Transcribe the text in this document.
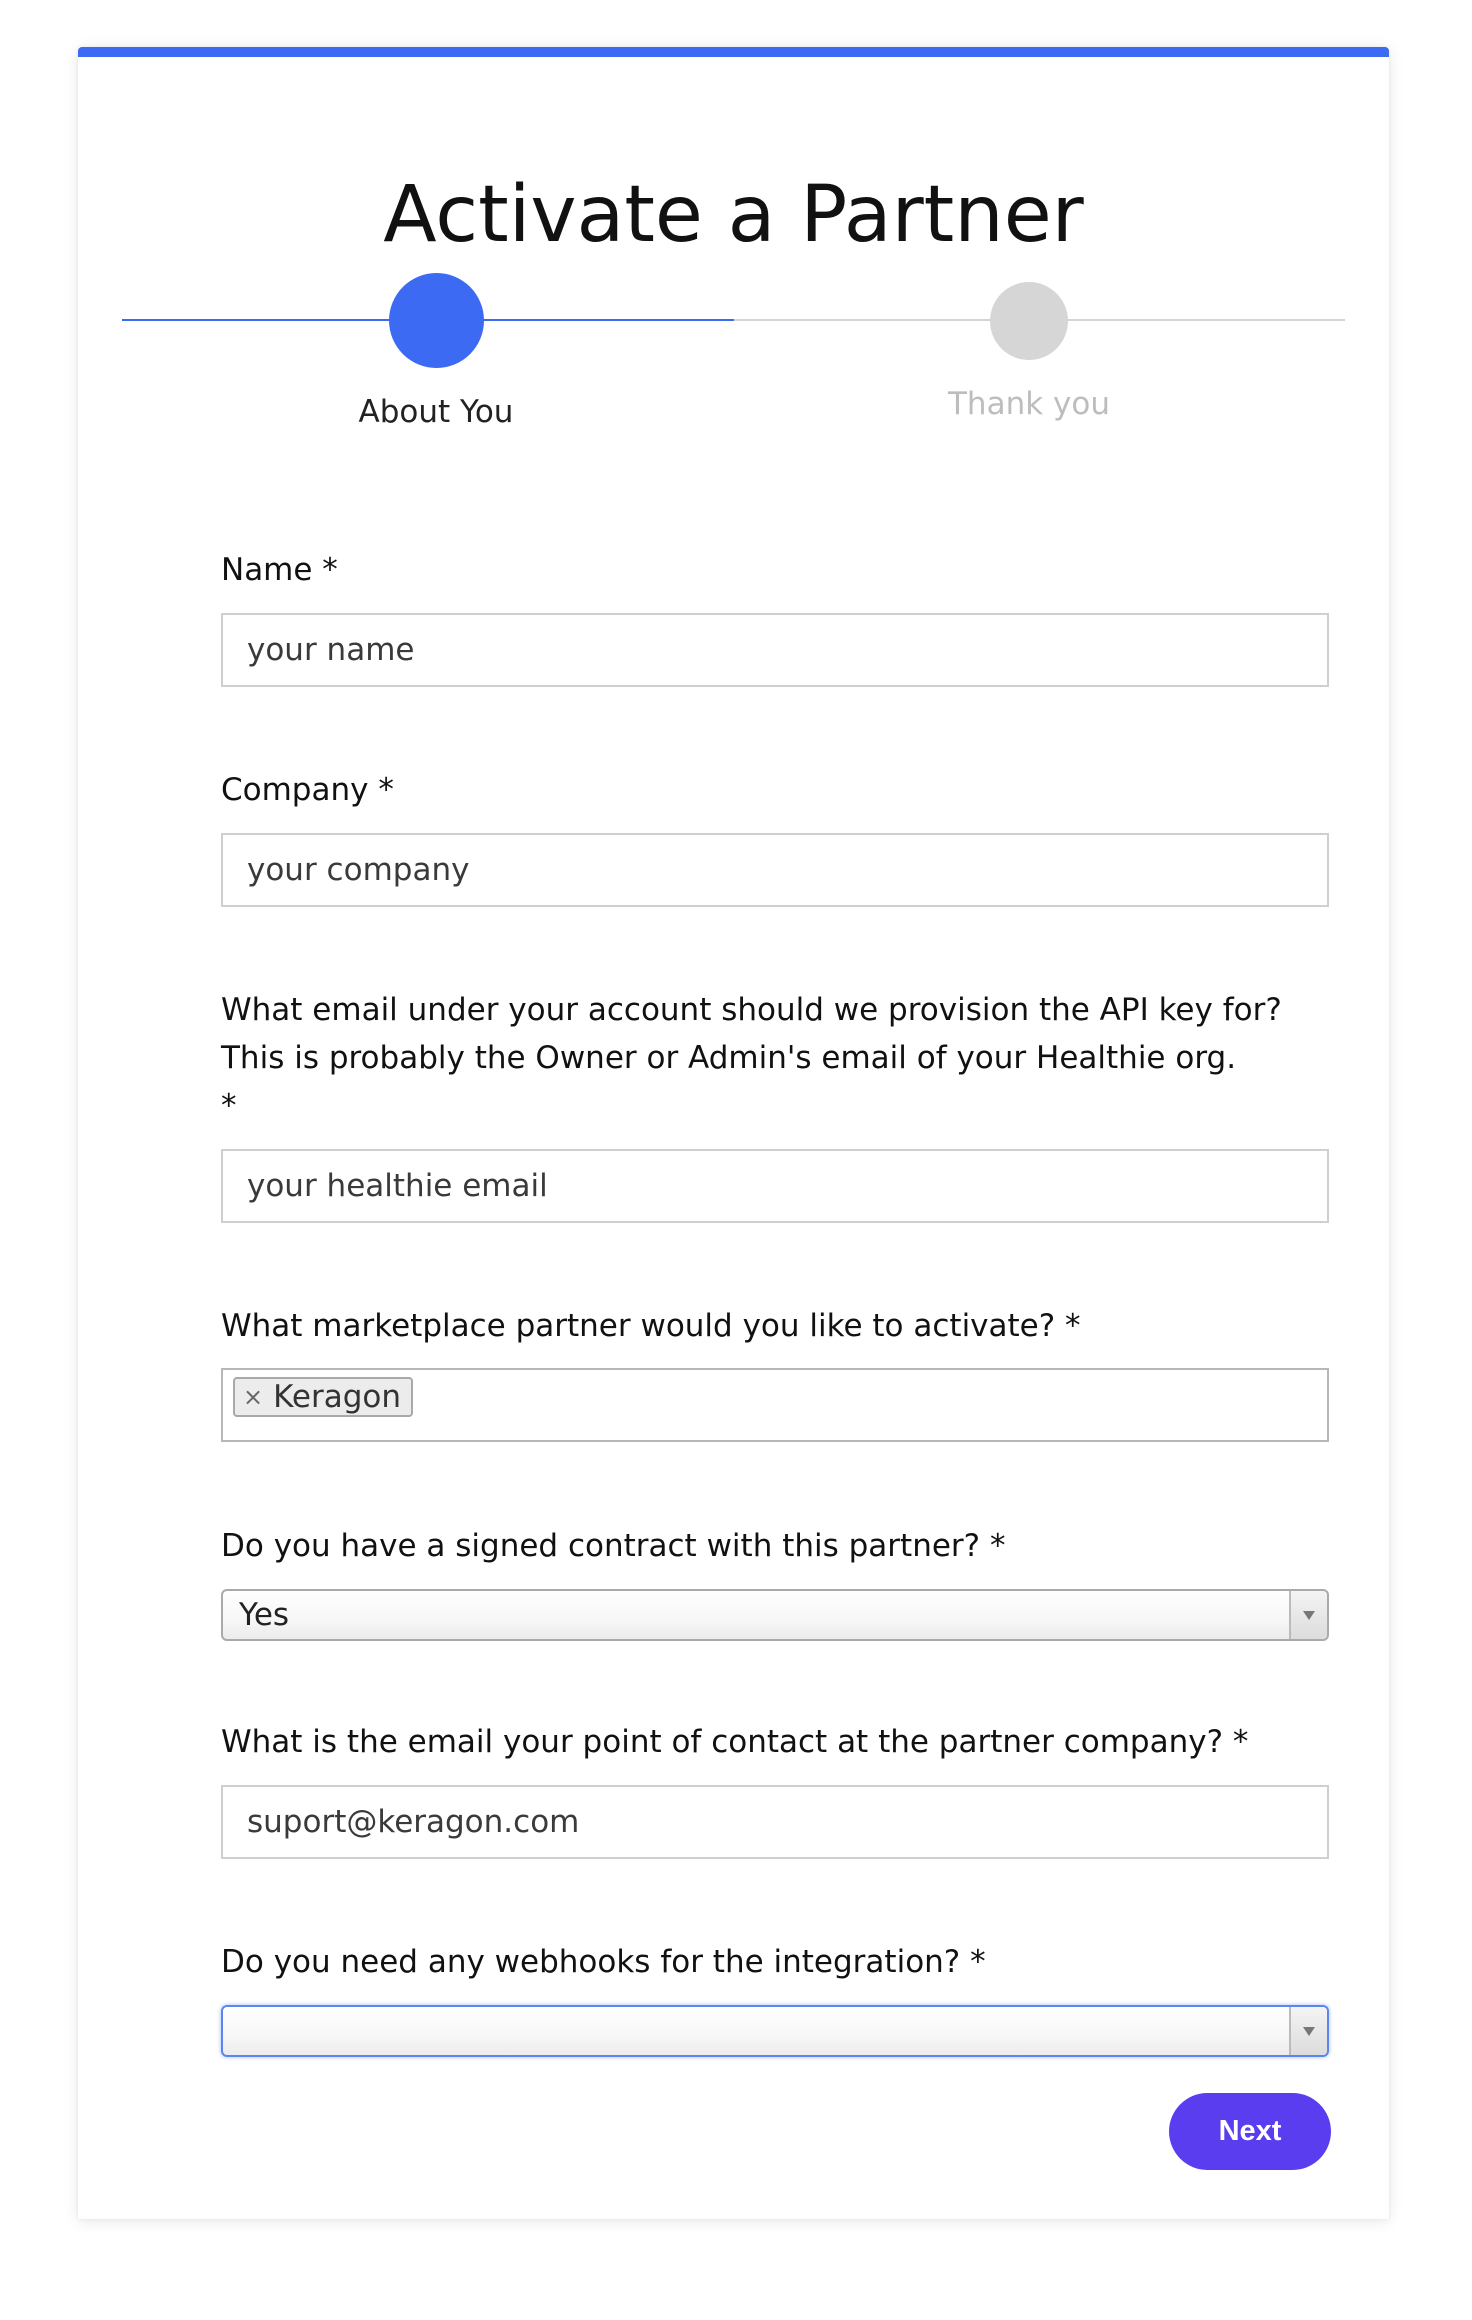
Activate a Partner
About You	Thank you
Name *
your name
Company *
your company
What email under your account should we provision the API key for?
This is probably the Owner or Admin's email of your Healthie org.
*
your healthie email
What marketplace partner would you like to activate? *
× Keragon
Do you have a signed contract with this partner? *
Yes
What is the email your point of contact at the partner company? *
suport@keragon.com
Do you need any webhooks for the integration? *
Next
